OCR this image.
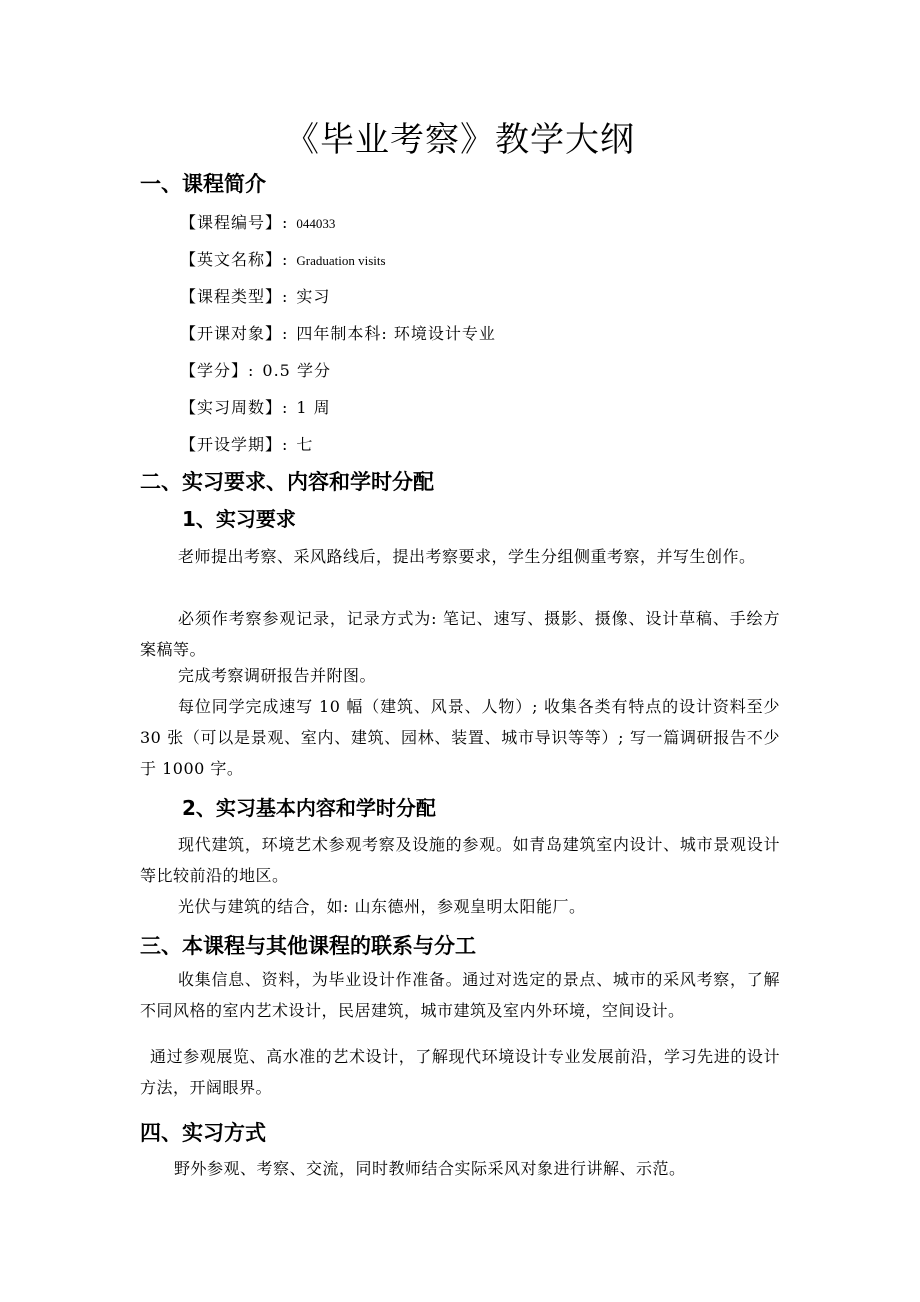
《毕业考察》教学大纲
一、课程简介
【课程编号】: 044033
【英文名称】: Graduation visits
【课程类型】: 实习
【开课对象】: 四年制本科: 环境设计专业
【学分】: 0.5 学分
【实习周数】: 1 周
【开设学期】: 七
二、实习要求、内容和学时分配
1、实习要求
老师提出考察、采风路线后，提出考察要求，学生分组侧重考察，并写生创作。
必须作考察参观记录，记录方式为: 笔记、速写、摄影、摄像、设计草稿、手绘方案稿等。
完成考察调研报告并附图。
每位同学完成速写 10 幅（建筑、风景、人物）; 收集各类有特点的设计资料至少 30 张（可以是景观、室内、建筑、园林、装置、城市导识等等）; 写一篇调研报告不少于 1000 字。
2、实习基本内容和学时分配
现代建筑，环境艺术参观考察及设施的参观。如青岛建筑室内设计、城市景观设计等比较前沿的地区。
光伏与建筑的结合，如: 山东德州，参观皇明太阳能厂。
三、本课程与其他课程的联系与分工
收集信息、资料，为毕业设计作准备。通过对选定的景点、城市的采风考察，了解不同风格的室内艺术设计，民居建筑，城市建筑及室内外环境，空间设计。
通过参观展览、高水准的艺术设计，了解现代环境设计专业发展前沿，学习先进的设计方法，开阔眼界。
四、实习方式
野外参观、考察、交流，同时教师结合实际采风对象进行讲解、示范。
